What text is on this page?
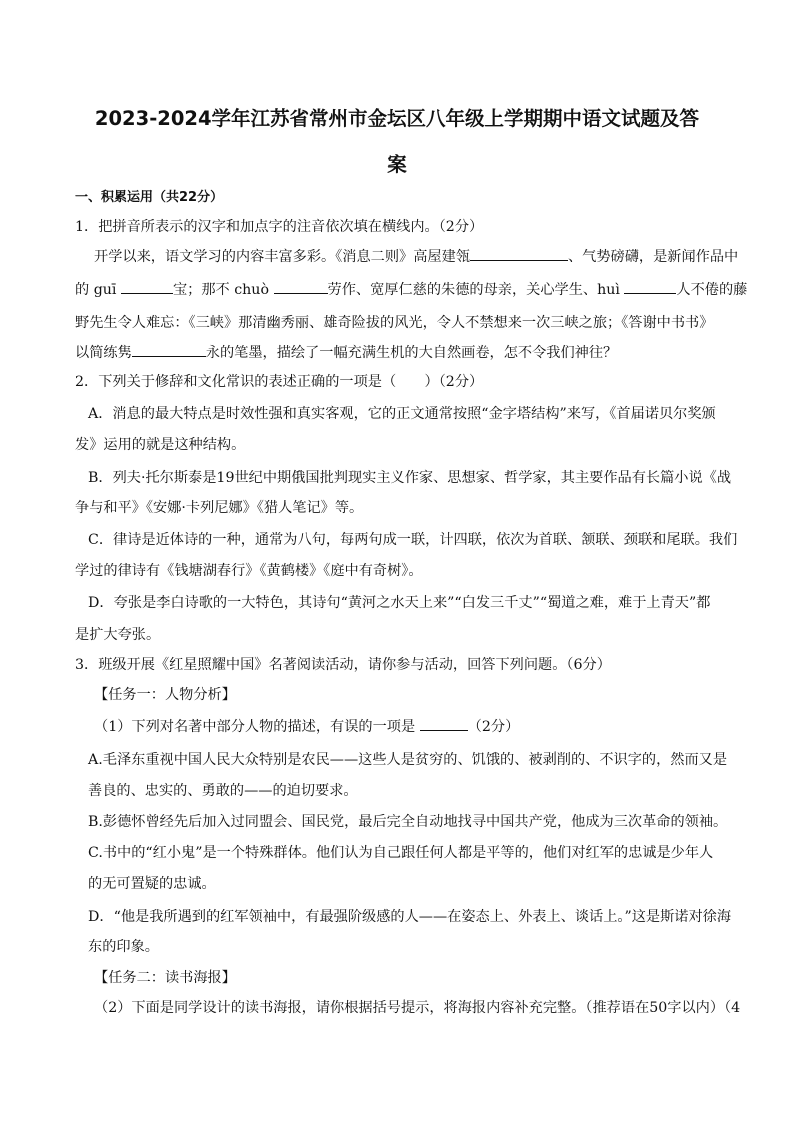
2023-2024学年江苏省常州市金坛区八年级上学期期中语文试题及答
案
一、积累运用（共22分）
1．把拼音所表示的汉字和加点字的注音依次填在横线内。（2分）
开学以来，语文学习的内容丰富多彩。《消息二则》高屋建瓴	、气势磅礴，是新闻作品中
的 guī	宝；那不 chuò	劳作、宽厚仁慈的朱德的母亲，关心学生、huì	人不倦的藤
野先生令人难忘：《三峡》那清幽秀丽、雄奇险拔的风光，令人不禁想来一次三峡之旅；《答谢中书书》
以简练隽	永的笔墨，描绘了一幅充满生机的大自然画卷，怎不令我们神往？
2．下列关于修辞和文化常识的表述正确的一项是（　　）（2分）
A．消息的最大特点是时效性强和真实客观，它的正文通常按照“金字塔结构”来写，《首届诺贝尔奖颁
发》运用的就是这种结构。
B．列夫·托尔斯泰是19世纪中期俄国批判现实主义作家、思想家、哲学家，其主要作品有长篇小说《战
争与和平》《安娜·卡列尼娜》《猎人笔记》等。
C．律诗是近体诗的一种，通常为八句，每两句成一联，计四联，依次为首联、颔联、颈联和尾联。我们
学过的律诗有《钱塘湖春行》《黄鹤楼》《庭中有奇树》。
D．夸张是李白诗歌的一大特色，其诗句“黄河之水天上来”“白发三千丈”“蜀道之难，难于上青天”都
是扩大夸张。
3．班级开展《红星照耀中国》名著阅读活动，请你参与活动，回答下列问题。（6分）
【任务一：人物分析】
（1）下列对名著中部分人物的描述，有误的一项是	（2分）
A.毛泽东重视中国人民大众特别是农民——这些人是贫穷的、饥饿的、被剥削的、不识字的，然而又是
善良的、忠实的、勇敢的——的迫切要求。
B.彭德怀曾经先后加入过同盟会、国民党，最后完全自动地找寻中国共产党，他成为三次革命的领袖。
C.书中的“红小鬼”是一个特殊群体。他们认为自己跟任何人都是平等的，他们对红军的忠诚是少年人
的无可置疑的忠诚。
D．“他是我所遇到的红军领袖中，有最强阶级感的人——在姿态上、外表上、谈话上。”这是斯诺对徐海
东的印象。
【任务二：读书海报】
（2）下面是同学设计的读书海报，请你根据括号提示，将海报内容补充完整。（推荐语在50字以内）（4
